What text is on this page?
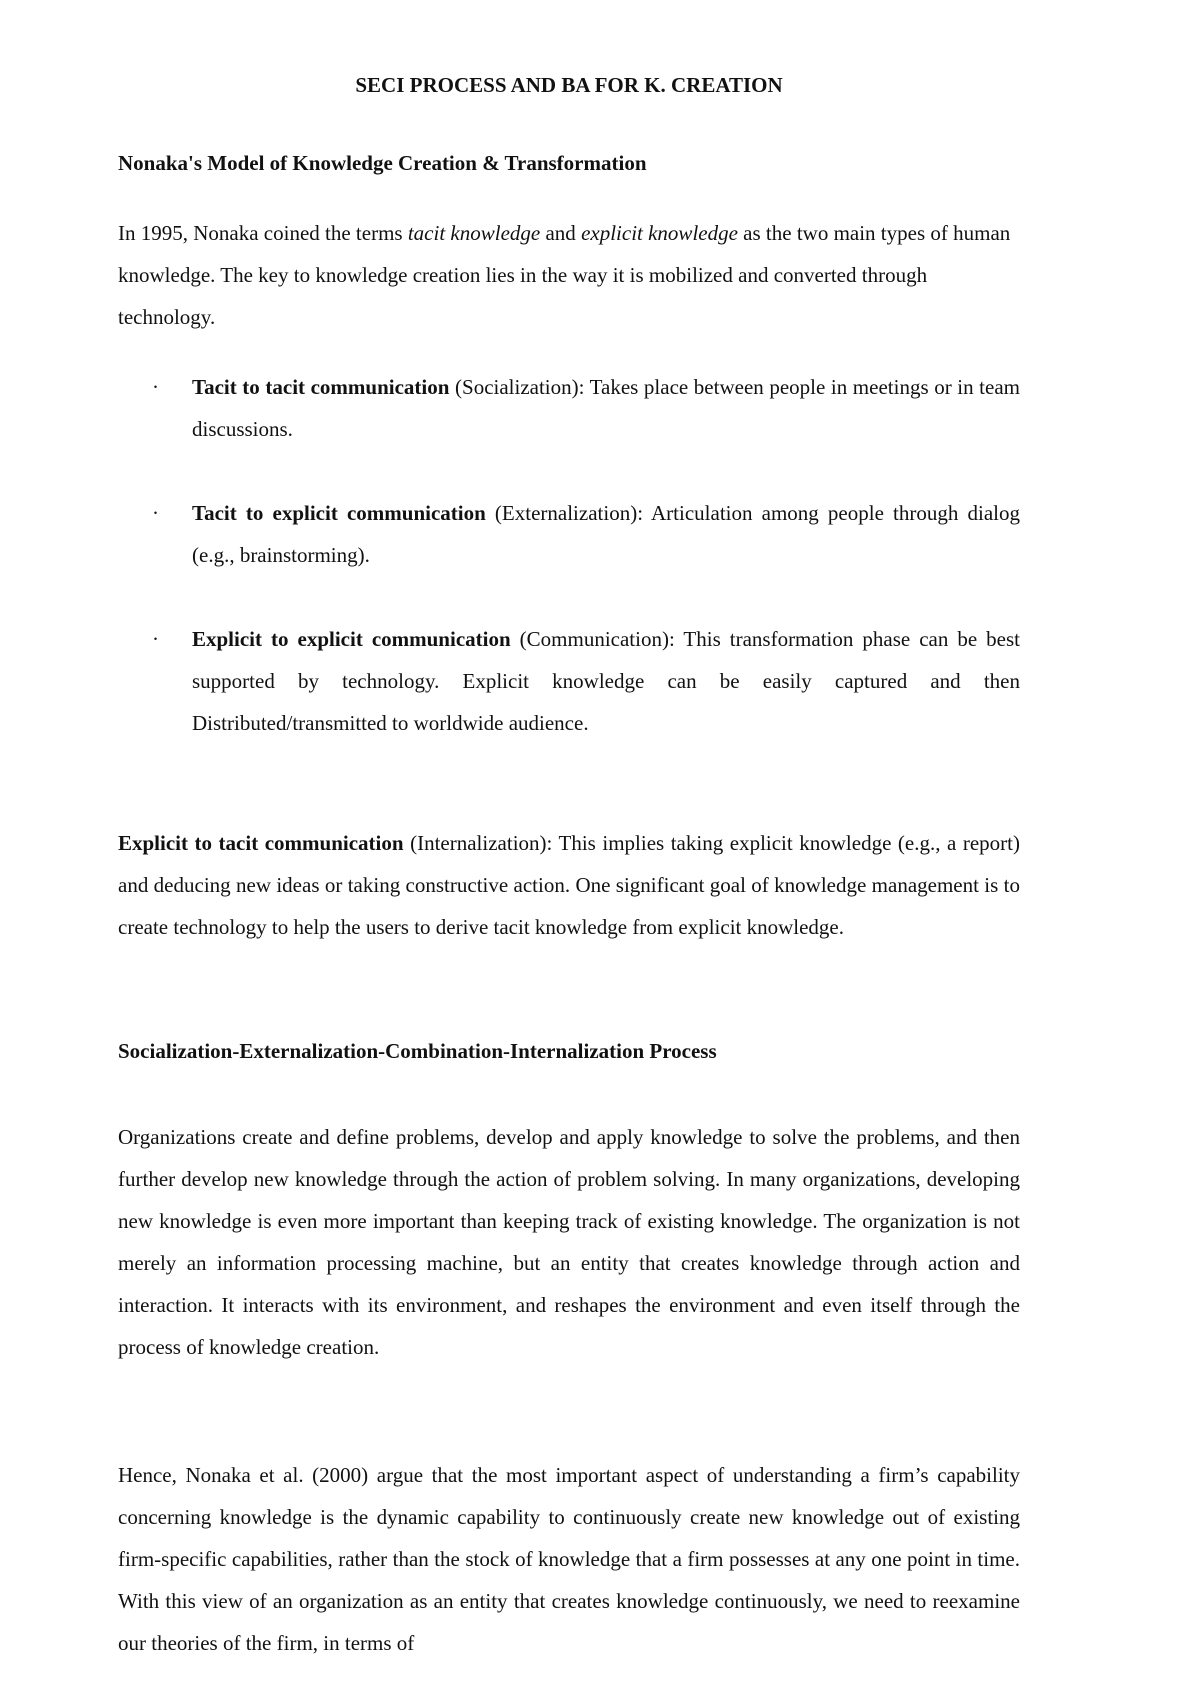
SECI PROCESS AND BA FOR K. CREATION
Nonaka's Model of Knowledge Creation & Transformation
In 1995, Nonaka coined the terms tacit knowledge and explicit knowledge as the two main types of human knowledge. The key to knowledge creation lies in the way it is mobilized and converted through technology.
· Tacit to tacit communication (Socialization): Takes place between people in meetings or in team discussions.
· Tacit to explicit communication (Externalization): Articulation among people through dialog (e.g., brainstorming).
· Explicit to explicit communication (Communication): This transformation phase can be best supported by technology. Explicit knowledge can be easily captured and then Distributed/transmitted to worldwide audience.
Explicit to tacit communication (Internalization): This implies taking explicit knowledge (e.g., a report) and deducing new ideas or taking constructive action. One significant goal of knowledge management is to create technology to help the users to derive tacit knowledge from explicit knowledge.
Socialization-Externalization-Combination-Internalization Process
Organizations create and define problems, develop and apply knowledge to solve the problems, and then further develop new knowledge through the action of problem solving. In many organizations, developing new knowledge is even more important than keeping track of existing knowledge. The organization is not merely an information processing machine, but an entity that creates knowledge through action and interaction. It interacts with its environment, and reshapes the environment and even itself through the process of knowledge creation.
Hence, Nonaka et al. (2000) argue that the most important aspect of understanding a firm’s capability concerning knowledge is the dynamic capability to continuously create new knowledge out of existing firm-specific capabilities, rather than the stock of knowledge that a firm possesses at any one point in time. With this view of an organization as an entity that creates knowledge continuously, we need to reexamine our theories of the firm, in terms of
